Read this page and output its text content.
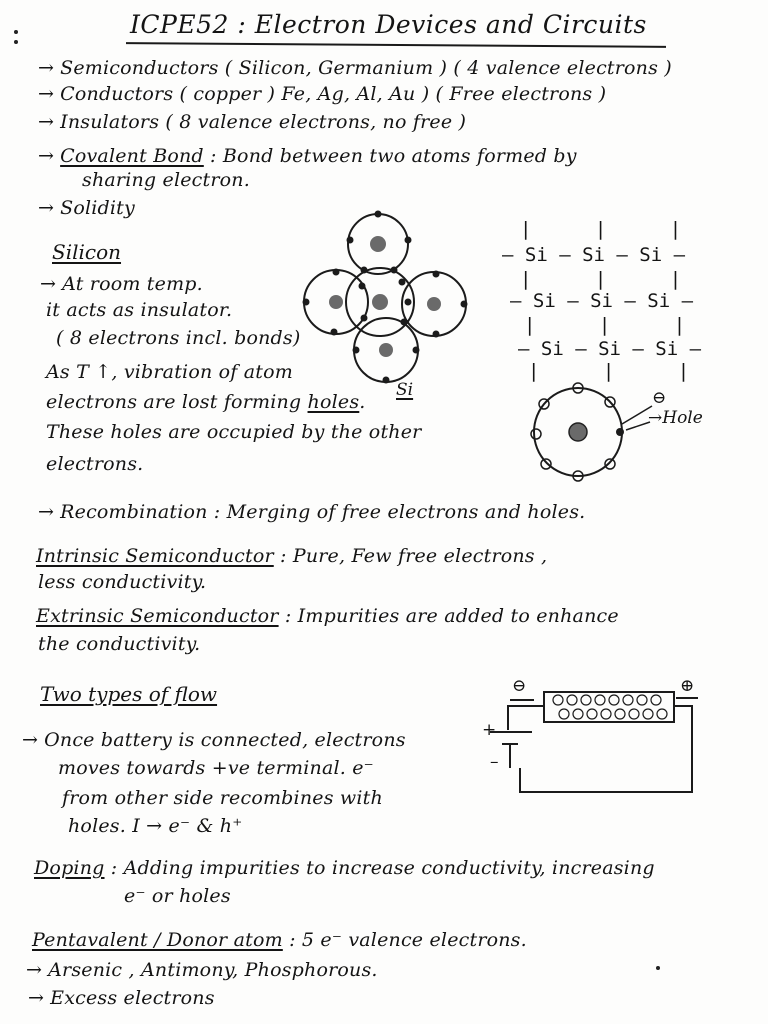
ICPE52 : Electron Devices and Circuits
→ Semiconductors ( Silicon, Germanium ) ( 4 valence electrons )
→ Conductors ( copper ) Fe, Ag, Al, Au ) ( Free electrons )
→ Insulators ( 8 valence electrons, no free )
→ Covalent Bond : Bond between two atoms formed by
sharing electron.
→ Solidity
Silicon
→ At room temp.
it acts as insulator.
( 8 electrons incl. bonds)
As T ↑, vibration of atom
electrons are lost forming holes.
These holes are occupied by the other
electrons.
Si
| | |
– Si — Si – Si –
| | |
– Si – Si – Si –
| | |
– Si – Si – Si –
| | |
⊖
→Hole
→ Recombination : Merging of free electrons and holes.
Intrinsic Semiconductor : Pure, Few free electrons ,
less conductivity.
Extrinsic Semiconductor : Impurities are added to enhance
the conductivity.
Two types of flow
→ Once battery is connected, electrons
moves towards +ve terminal. e⁻
from other side recombines with
holes. I → e⁻ & h⁺
⊖	⊕
+
–
Doping : Adding impurities to increase conductivity, increasing
e⁻ or holes
Pentavalent / Donor atom : 5 e⁻ valence electrons.
→ Arsenic , Antimony, Phosphorous.
→ Excess electrons
